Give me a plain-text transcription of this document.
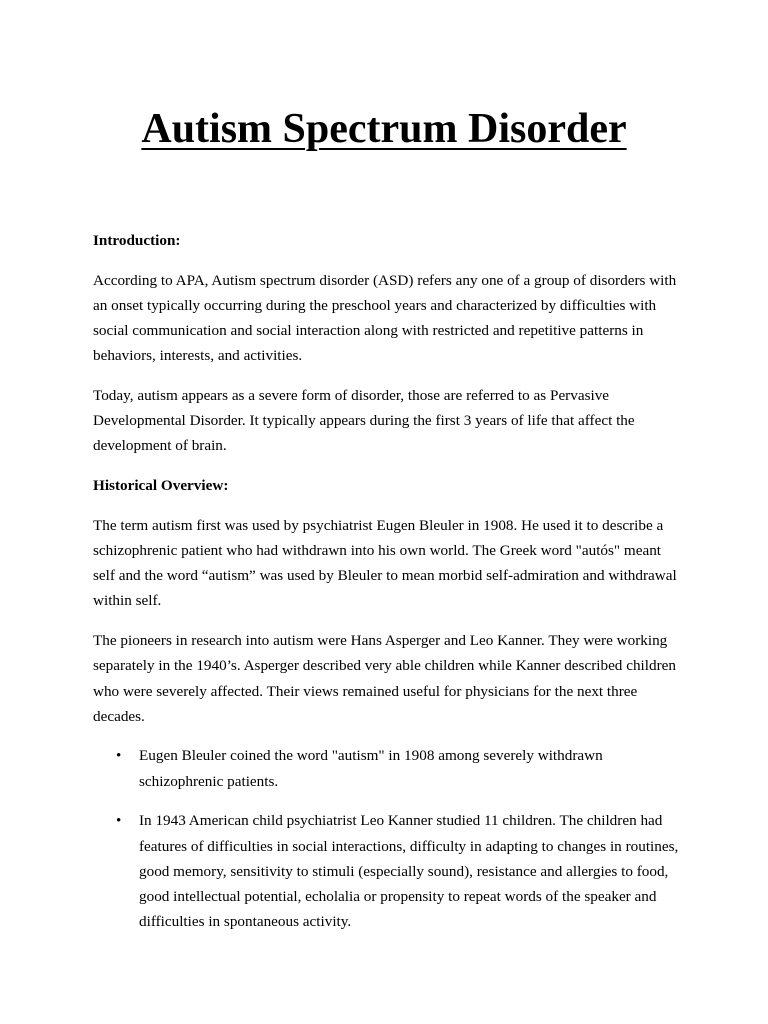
Autism Spectrum Disorder
Introduction:

According to APA, Autism spectrum disorder (ASD) refers any one of a group of disorders with an onset typically occurring during the preschool years and characterized by difficulties with social communication and social interaction along with restricted and repetitive patterns in behaviors, interests, and activities.

Today, autism appears as a severe form of disorder, those are referred to as Pervasive Developmental Disorder. It typically appears during the first 3 years of life that affect the development of brain.

Historical Overview:

The term autism first was used by psychiatrist Eugen Bleuler in 1908. He used it to describe a schizophrenic patient who had withdrawn into his own world. The Greek word "autós" meant self and the word “autism” was used by Bleuler to mean morbid self-admiration and withdrawal within self.

The pioneers in research into autism were Hans Asperger and Leo Kanner. They were working separately in the 1940’s. Asperger described very able children while Kanner described children who were severely affected. Their views remained useful for physicians for the next three decades.

• Eugen Bleuler coined the word "autism" in 1908 among severely withdrawn schizophrenic patients.
• In 1943 American child psychiatrist Leo Kanner studied 11 children. The children had features of difficulties in social interactions, difficulty in adapting to changes in routines, good memory, sensitivity to stimuli (especially sound), resistance and allergies to food, good intellectual potential, echolalia or propensity to repeat words of the speaker and difficulties in spontaneous activity.
